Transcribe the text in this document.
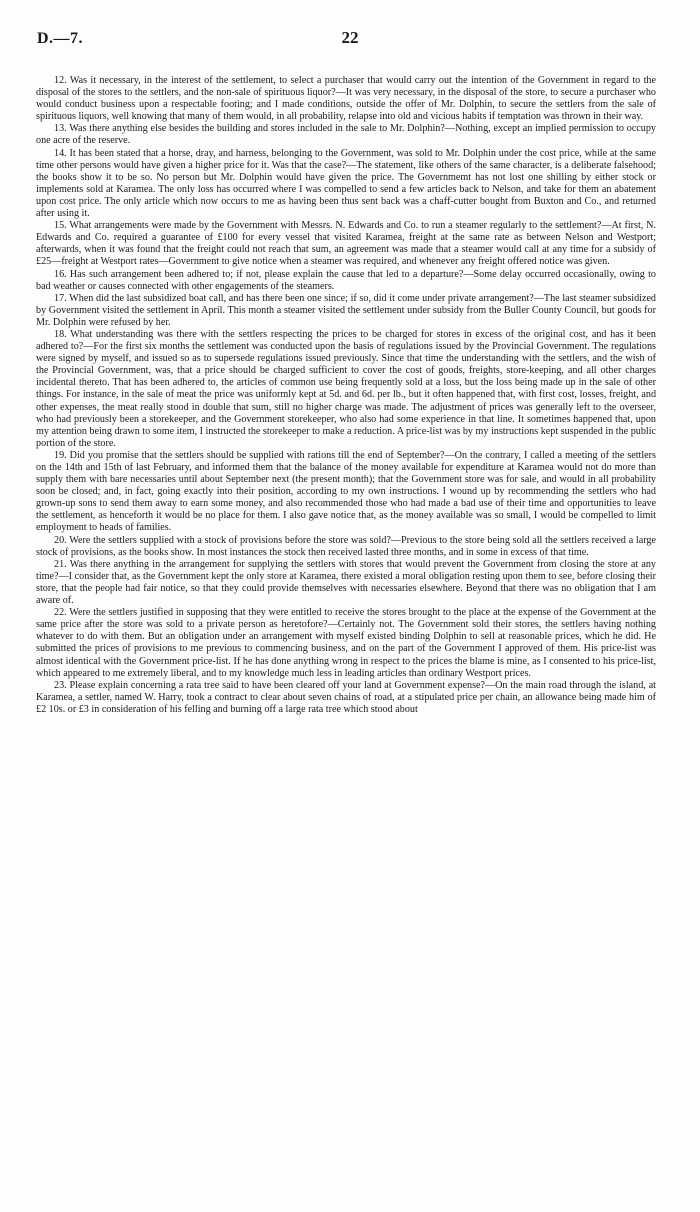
D.—7.	22

12. Was it necessary, in the interest of the settlement, to select a purchaser that would carry out the intention of the Government in regard to the disposal of the stores to the settlers, and the non-sale of spirituous liquor?—It was very necessary, in the disposal of the store, to secure a purchaser who would conduct business upon a respectable footing; and I made conditions, outside the offer of Mr. Dolphin, to secure the settlers from the sale of spirituous liquors, well knowing that many of them would, in all probability, relapse into old and vicious habits if temptation was thrown in their way.

13. Was there anything else besides the building and stores included in the sale to Mr. Dolphin?—Nothing, except an implied permission to occupy one acre of the reserve.

14. It has been stated that a horse, dray, and harness, belonging to the Government, was sold to Mr. Dolphin under the cost price, while at the same time other persons would have given a higher price for it. Was that the case?—The statement, like others of the same character, is a deliberate falsehood; the books show it to be so. No person but Mr. Dolphin would have given the price. The Governmemt has not lost one shilling by either stock or implements sold at Karamea. The only loss has occurred where I was compelled to send a few articles back to Nelson, and take for them an abatement upon cost price. The only article which now occurs to me as having been thus sent back was a chaff-cutter bought from Buxton and Co., and returned after using it.

15. What arrangements were made by the Government with Messrs. N. Edwards and Co. to run a steamer regularly to the settlement?—At first, N. Edwards and Co. required a guarantee of £100 for every vessel that visited Karamea, freight at the same rate as between Nelson and Westport; afterwards, when it was found that the freight could not reach that sum, an agreement was made that a steamer would call at any time for a subsidy of £25—freight at Westport rates—Government to give notice when a steamer was required, and whenever any freight offered notice was given.

16. Has such arrangement been adhered to; if not, please explain the cause that led to a departure?—Some delay occurred occasionally, owing to bad weather or causes connected with other engagements of the steamers.

17. When did the last subsidized boat call, and has there been one since; if so, did it come under private arrangement?—The last steamer subsidized by Government visited the settlement in April. This month a steamer visited the settlement under subsidy from the Buller County Council, but goods for Mr. Dolphin were refused by her.

18. What understanding was there with the settlers respecting the prices to be charged for stores in excess of the original cost, and has it been adhered to?—For the first six months the settlement was conducted upon the basis of regulations issued by the Provincial Government. The regulations were signed by myself, and issued so as to supersede regulations issued previously. Since that time the understanding with the settlers, and the wish of the Provincial Government, was, that a price should be charged sufficient to cover the cost of goods, freights, store-keeping, and all other charges incidental thereto. That has been adhered to, the articles of common use being frequently sold at a loss, but the loss being made up in the sale of other things. For instance, in the sale of meat the price was uniformly kept at 5d. and 6d. per lb., but it often happened that, with first cost, losses, freight, and other expenses, the meat really stood in double that sum, still no higher charge was made. The adjustment of prices was generally left to the overseer, who had previously been a storekeeper, and the Government storekeeper, who also had some experience in that line. It sometimes happened that, upon my attention being drawn to some item, I instructed the storekeeper to make a reduction. A price-list was by my instructions kept suspended in the public portion of the store.

19. Did you promise that the settlers should be supplied with rations till the end of September?—On the contrary, I called a meeting of the settlers on the 14th and 15th of last February, and informed them that the balance of the money available for expenditure at Karamea would not do more than supply them with bare necessaries until about September next (the present month); that the Government store was for sale, and would in all probability soon be closed; and, in fact, going exactly into their position, according to my own instructions. I wound up by recommending the settlers who had grown-up sons to send them away to earn some money, and also recommended those who had made a bad use of their time and opportunities to leave the settlement, as henceforth it would be no place for them. I also gave notice that, as the money available was so small, I would be compelled to limit employment to heads of families.

20. Were the settlers supplied with a stock of provisions before the store was sold?—Previous to the store being sold all the settlers received a large stock of provisions, as the books show. In most instances the stock then received lasted three months, and in some in excess of that time.

21. Was there anything in the arrangement for supplying the settlers with stores that would prevent the Government from closing the store at any time?—I consider that, as the Government kept the only store at Karamea, there existed a moral obligation resting upon them to see, before closing their store, that the people had fair notice, so that they could provide themselves with necessaries elsewhere. Beyond that there was no obligation that I am aware of.

22. Were the settlers justified in supposing that they were entitled to receive the stores brought to the place at the expense of the Government at the same price after the store was sold to a private person as heretofore?—Certainly not. The Government sold their stores, the settlers having nothing whatever to do with them. But an obligation under an arrangement with myself existed binding Dolphin to sell at reasonable prices, which he did. He submitted the prices of provisions to me previous to commencing business, and on the part of the Government I approved of them. His price-list was almost identical with the Government price-list. If he has done anything wrong in respect to the prices the blame is mine, as I consented to his price-list, which appeared to me extremely liberal, and to my knowledge much less in leading articles than ordinary Westport prices.

23. Please explain concerning a rata tree said to have been cleared off your land at Government expense?—On the main road through the island, at Karamea, a settler, named W. Harry, took a contract to clear about seven chains of road, at a stipulated price per chain, an allowance being made him of £2 10s. or £3 in consideration of his felling and burning off a large rata tree which stood about
